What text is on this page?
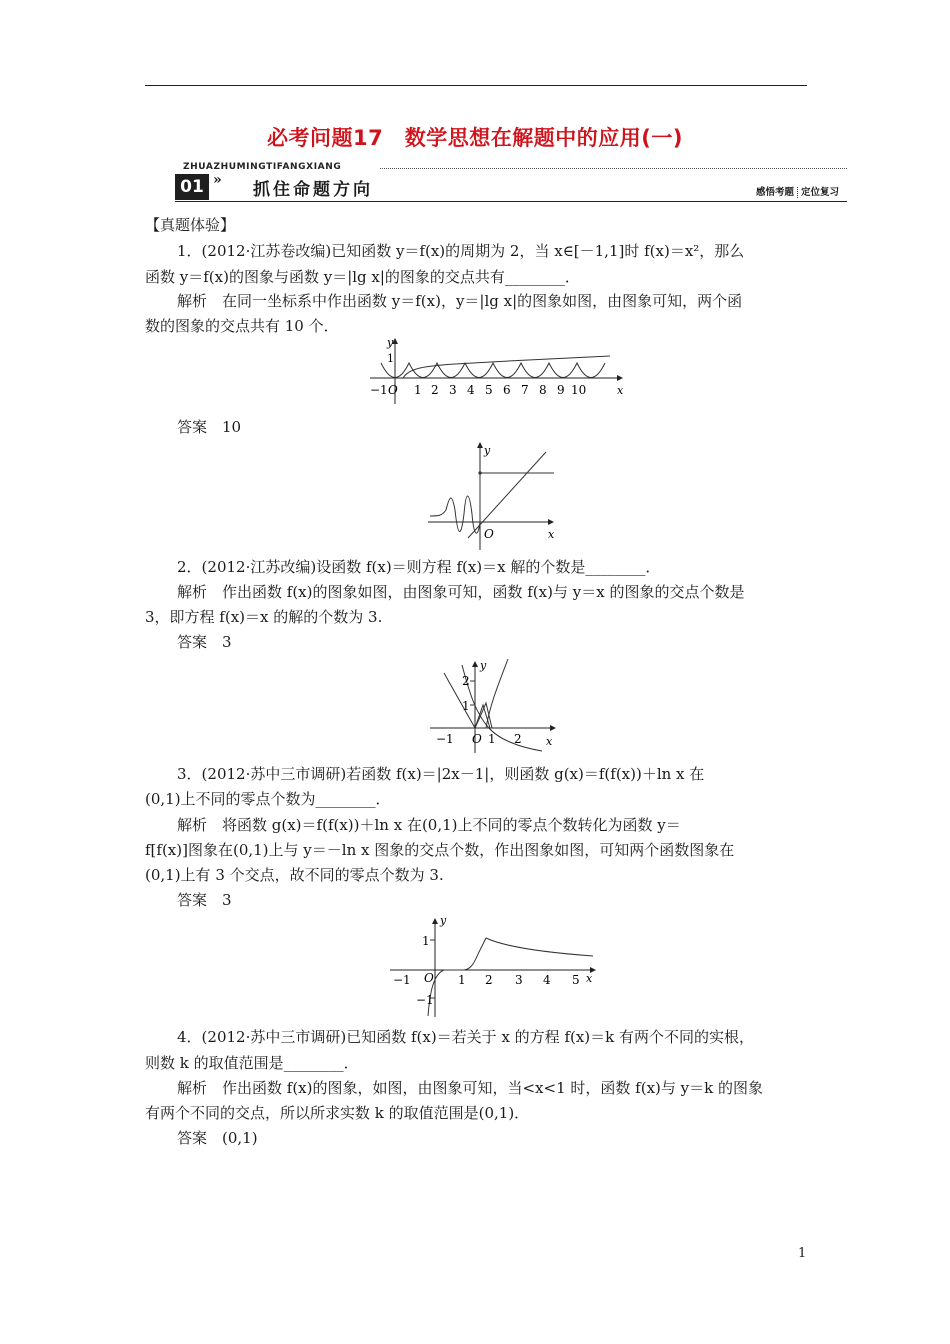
必考问题17　数学思想在解题中的应用(一)
ZHUAZHUMINGTIFANGXIANG
01 » 抓住命题方向	感悟考题 定位复习
【真题体验】
1．(2012·江苏卷改编)已知函数 y＝f(x)的周期为 2，当 x∈[－1,1]时 f(x)＝x²，那么
函数 y＝f(x)的图象与函数 y＝|lg x|的图象的交点共有________．
解析　在同一坐标系中作出函数 y＝f(x)，y＝|lg x|的图象如图，由图象可知，两个函
数的图象的交点共有 10 个．
y
1
x
−1 O 1 2 3 4 5 6 7 8 9 10
答案　10
y
x
O
2．(2012·江苏改编)设函数 f(x)＝则方程 f(x)＝x 解的个数是________．
解析　作出函数 f(x)的图象如图，由图象可知，函数 f(x)与 y＝x 的图象的交点个数是
3，即方程 f(x)＝x 的解的个数为 3.
答案　3
y
2
1
−1 O 1 2 x
3．(2012·苏中三市调研)若函数 f(x)＝|2x－1|，则函数 g(x)＝f(f(x))＋ln x 在
(0,1)上不同的零点个数为________．
解析　将函数 g(x)＝f(f(x))＋ln x 在(0,1)上不同的零点个数转化为函数 y＝
f[f(x)]图象在(0,1)上与 y＝－ln x 图象的交点个数，作出图象如图，可知两个函数图象在
(0,1)上有 3 个交点，故不同的零点个数为 3.
答案　3
y
1
−1
−1 O 1 2 3 4 5 x
4．(2012·苏中三市调研)已知函数 f(x)＝若关于 x 的方程 f(x)＝k 有两个不同的实根，
则数 k 的取值范围是________．
解析　作出函数 f(x)的图象，如图，由图象可知，当<x<1 时，函数 f(x)与 y＝k 的图象
有两个不同的交点，所以所求实数 k 的取值范围是(0,1)．
答案　(0,1)
1
